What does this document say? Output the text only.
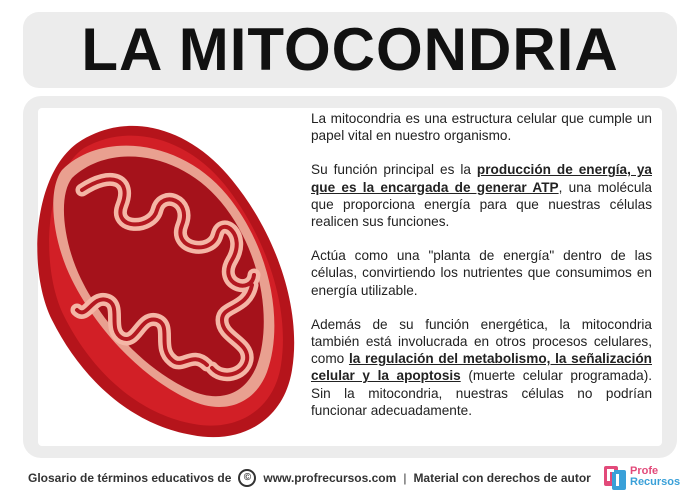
LA MITOCONDRIA

La mitocondria es una estructura celular que cumple un papel vital en nuestro organismo.

Su función principal es la producción de energía, ya que es la encargada de generar ATP, una molécula que proporciona energía para que nuestras células realicen sus funciones.

Actúa como una "planta de energía" dentro de las células, convirtiendo los nutrientes que consumimos en energía utilizable.

Además de su función energética, la mitocondria también está involucrada en otros procesos celulares, como la regulación del metabolismo, la señalización celular y la apoptosis (muerte celular programada). Sin la mitocondria, nuestras células no podrían funcionar adecuadamente.

Glosario de términos educativos de	©	www.profrecursos.com | Material con derechos de autor	Profe
Recursos
